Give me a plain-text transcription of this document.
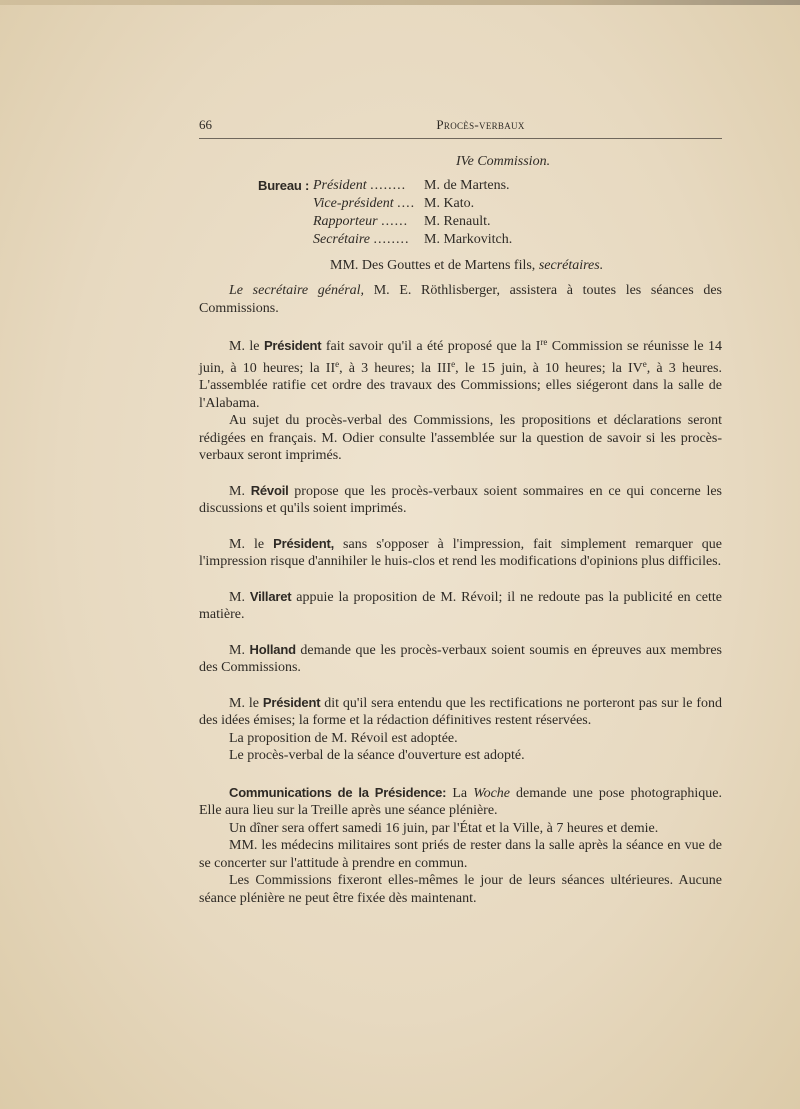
66	Procès-verbaux
IVe Commission.
Bureau : Président ........ M. de Martens.
Vice-président .... M. Kato.
Rapporteur ...... M. Renault.
Secrétaire ........ M. Markovitch.

MM. Des Gouttes et de Martens fils, secrétaires.

Le secrétaire général, M. E. Röthlisberger, assistera à toutes les séances des Commissions.

M. le Président fait savoir qu'il a été proposé que la Ire Commission se réunisse le 14 juin, à 10 heures; la IIe, à 3 heures; la IIIe, le 15 juin, à 10 heures; la IVe, à 3 heures. L'assemblée ratifie cet ordre des travaux des Commissions; elles siégeront dans la salle de l'Alabama.

Au sujet du procès-verbal des Commissions, les propositions et déclarations seront rédigées en français. M. Odier consulte l'assemblée sur la question de savoir si les procès-verbaux seront imprimés.

M. Révoil propose que les procès-verbaux soient sommaires en ce qui concerne les discussions et qu'ils soient imprimés.

M. le Président, sans s'opposer à l'impression, fait simplement remarquer que l'impression risque d'annihiler le huis-clos et rend les modifications d'opinions plus difficiles.

M. Villaret appuie la proposition de M. Révoil; il ne redoute pas la publicité en cette matière.

M. Holland demande que les procès-verbaux soient soumis en épreuves aux membres des Commissions.

M. le Président dit qu'il sera entendu que les rectifications ne porteront pas sur le fond des idées émises; la forme et la rédaction définitives restent réservées.

La proposition de M. Révoil est adoptée.

Le procès-verbal de la séance d'ouverture est adopté.

Communications de la Présidence: La Woche demande une pose photographique. Elle aura lieu sur la Treille après une séance plénière.

Un dîner sera offert samedi 16 juin, par l'État et la Ville, à 7 heures et demie.

MM. les médecins militaires sont priés de rester dans la salle après la séance en vue de se concerter sur l'attitude à prendre en commun.

Les Commissions fixeront elles-mêmes le jour de leurs séances ultérieures. Aucune séance plénière ne peut être fixée dès maintenant.
